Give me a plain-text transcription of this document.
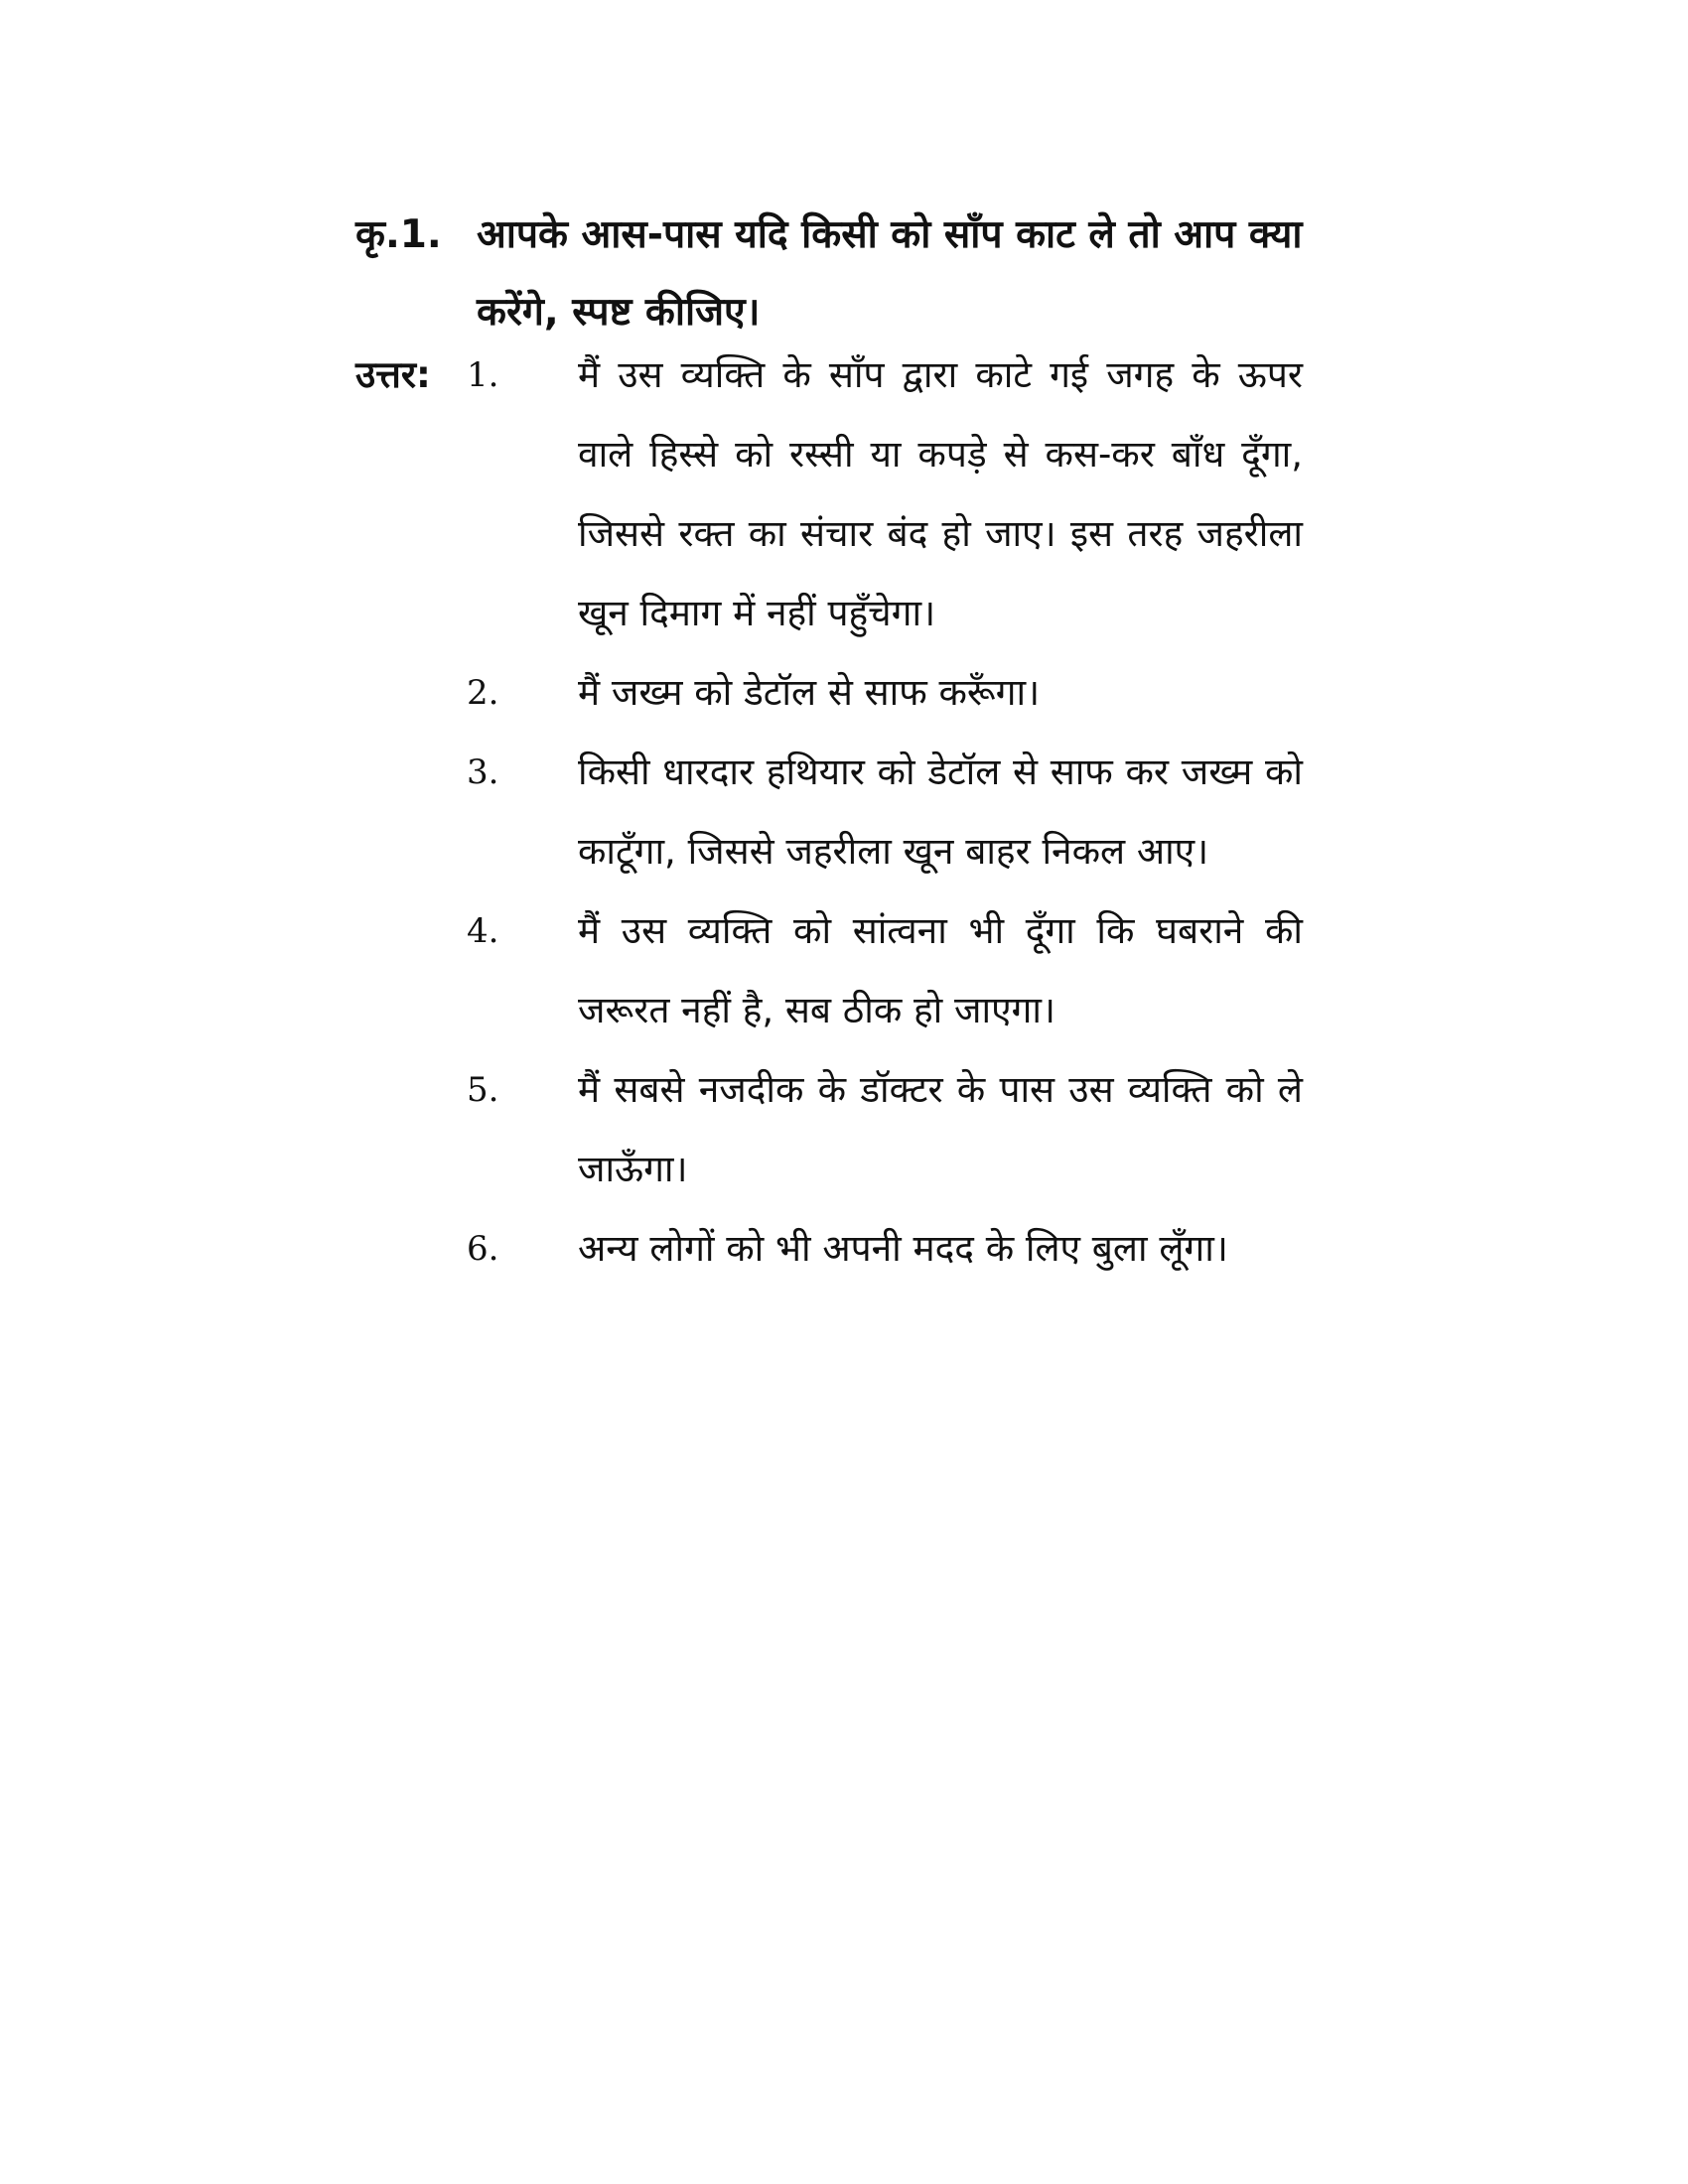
कृ.1. आपके आस-पास यदि किसी को साँप काट ले तो आप क्या करेंगे, स्पष्ट कीजिए।
उत्तर:	1.	मैं उस व्यक्ति के साँप द्वारा काटे गई जगह के ऊपर वाले हिस्से को रस्सी या कपड़े से कस-कर बाँध दूँगा, जिससे रक्त का संचार बंद हो जाए। इस तरह जहरीला खून दिमाग में नहीं पहुँचेगा।
2.	मैं जख्म को डेटॉल से साफ करूँगा।
3.	किसी धारदार हथियार को डेटॉल से साफ कर जख्म को काटूँगा, जिससे जहरीला खून बाहर निकल आए।
4.	मैं उस व्यक्ति को सांत्वना भी दूँगा कि घबराने की जरूरत नहीं है, सब ठीक हो जाएगा।
5.	मैं सबसे नजदीक के डॉक्टर के पास उस व्यक्ति को ले जाऊँगा।
6.	अन्य लोगों को भी अपनी मदद के लिए बुला लूँगा।
